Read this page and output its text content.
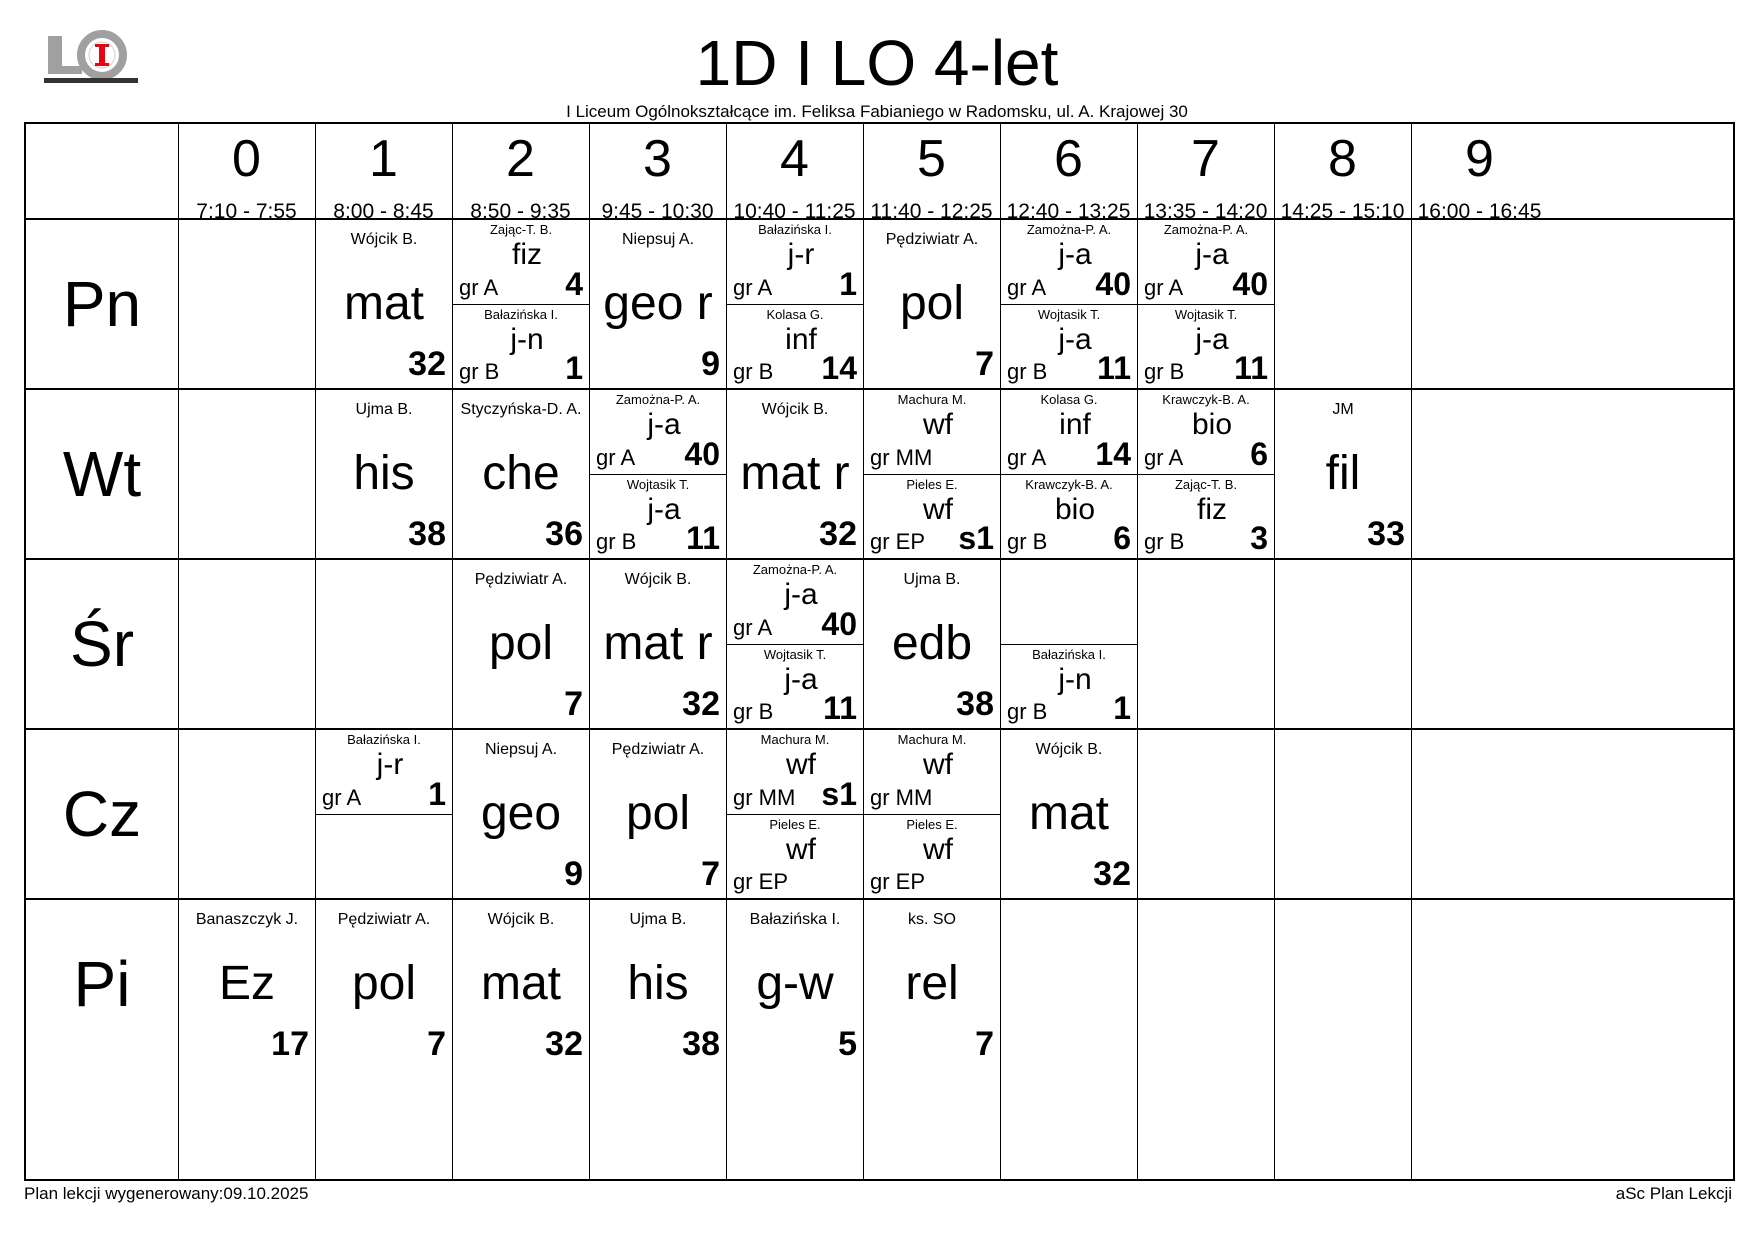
1D I LO 4-let
I Liceum Ogólnokształcące im. Feliksa Fabianiego w Radomsku, ul. A. Krajowej 30
0
7:10 - 7:55
1
8:00 - 8:45
2
8:50 - 9:35
3
9:45 - 10:30
4
10:40 - 11:25
5
11:40 - 12:25
6
12:40 - 13:25
7
13:35 - 14:20
8
14:25 - 15:10
9
16:00 - 16:45
Pn
Wójcik B.
mat
32
Zając-T. B.
fiz
gr A 4
Bałazińska I.
j-n
gr B 1
Niepsuj A.
geo r
9
Bałazińska I.
j-r
gr A 1
Kolasa G.
inf
gr B 14
Pędziwiatr A.
pol
7
Zamożna-P. A.
j-a
gr A 40
Wojtasik T.
j-a
gr B 11
Zamożna-P. A.
j-a
gr A 40
Wojtasik T.
j-a
gr B 11
Wt
Ujma B.
his
38
Styczyńska-D. A.
che
36
Zamożna-P. A.
j-a
gr A 40
Wojtasik T.
j-a
gr B 11
Wójcik B.
mat r
32
Machura M.
wf
gr MM
Pieles E.
wf
gr EP s1
Kolasa G.
inf
gr A 14
Krawczyk-B. A.
bio
gr B 6
Krawczyk-B. A.
bio
gr A 6
Zając-T. B.
fiz
gr B 3
JM
fil
33
Śr
Pędziwiatr A.
pol
7
Wójcik B.
mat r
32
Zamożna-P. A.
j-a
gr A 40
Wojtasik T.
j-a
gr B 11
Ujma B.
edb
38
Bałazińska I.
j-n
gr B 1
Cz
Bałazińska I.
j-r
gr A 1
Niepsuj A.
geo
9
Pędziwiatr A.
pol
7
Machura M.
wf
gr MM s1
Pieles E.
wf
gr EP
Machura M.
wf
gr MM
Pieles E.
wf
gr EP
Wójcik B.
mat
32
Pi
Banaszczyk J.
Ez
17
Pędziwiatr A.
pol
7
Wójcik B.
mat
32
Ujma B.
his
38
Bałazińska I.
g-w
5
ks. SO
rel
7
Plan lekcji wygenerowany:09.10.2025	aSc Plan Lekcji
